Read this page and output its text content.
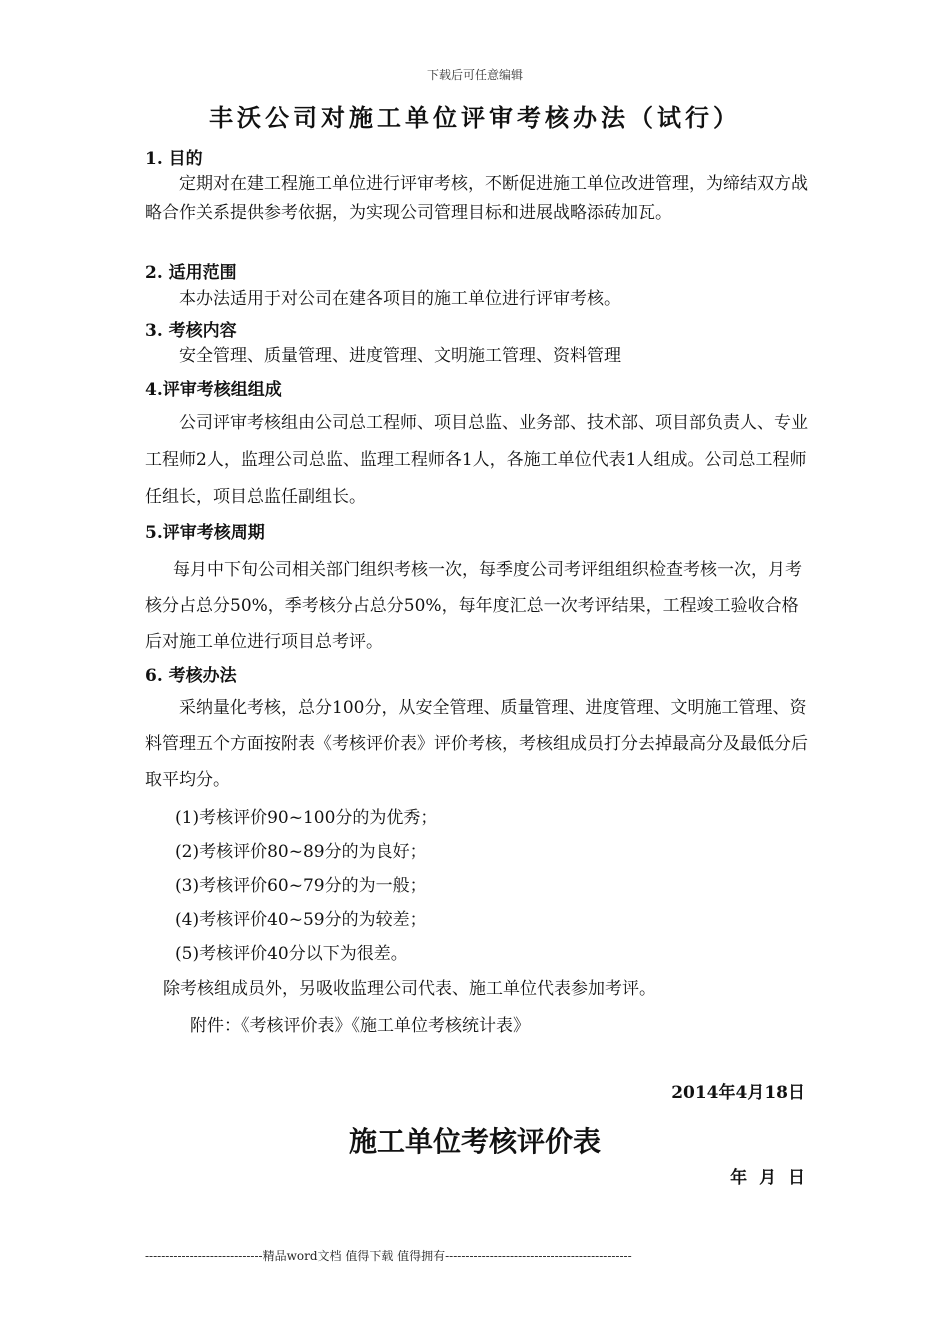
下载后可任意编辑
丰沃公司对施工单位评审考核办法（试行）
1. 目的

定期对在建工程施工单位进行评审考核，不断促进施工单位改进管理，为缔结双方战略合作关系提供参考依据，为实现公司管理目标和进展战略添砖加瓦。

2. 适用范围

本办法适用于对公司在建各项目的施工单位进行评审考核。

3. 考核内容

安全管理、质量管理、进度管理、文明施工管理、资料管理

4.评审考核组组成

公司评审考核组由公司总工程师、项目总监、业务部、技术部、项目部负责人、专业工程师2人，监理公司总监、监理工程师各1人，各施工单位代表1人组成。公司总工程师任组长，项目总监任副组长。

5.评审考核周期

每月中下旬公司相关部门组织考核一次，每季度公司考评组组织检查考核一次，月考核分占总分50%，季考核分占总分50%，每年度汇总一次考评结果，工程竣工验收合格后对施工单位进行项目总考评。

6. 考核办法

采纳量化考核，总分100分，从安全管理、质量管理、进度管理、文明施工管理、资料管理五个方面按附表《考核评价表》评价考核，考核组成员打分去掉最高分及最低分后取平均分。

(1)考核评价90~100分的为优秀；
(2)考核评价80~89分的为良好；
(3)考核评价60~79分的为一般；
(4)考核评价40~59分的为较差；
(5)考核评价40分以下为很差。
除考核组成员外，另吸收监理公司代表、施工单位代表参加考评。
附件：《考核评价表》《施工单位考核统计表》
2014年4月18日
施工单位考核评价表
年 月 日
-----------------------------精品word文档 值得下载 值得拥有----------------------------------------------
